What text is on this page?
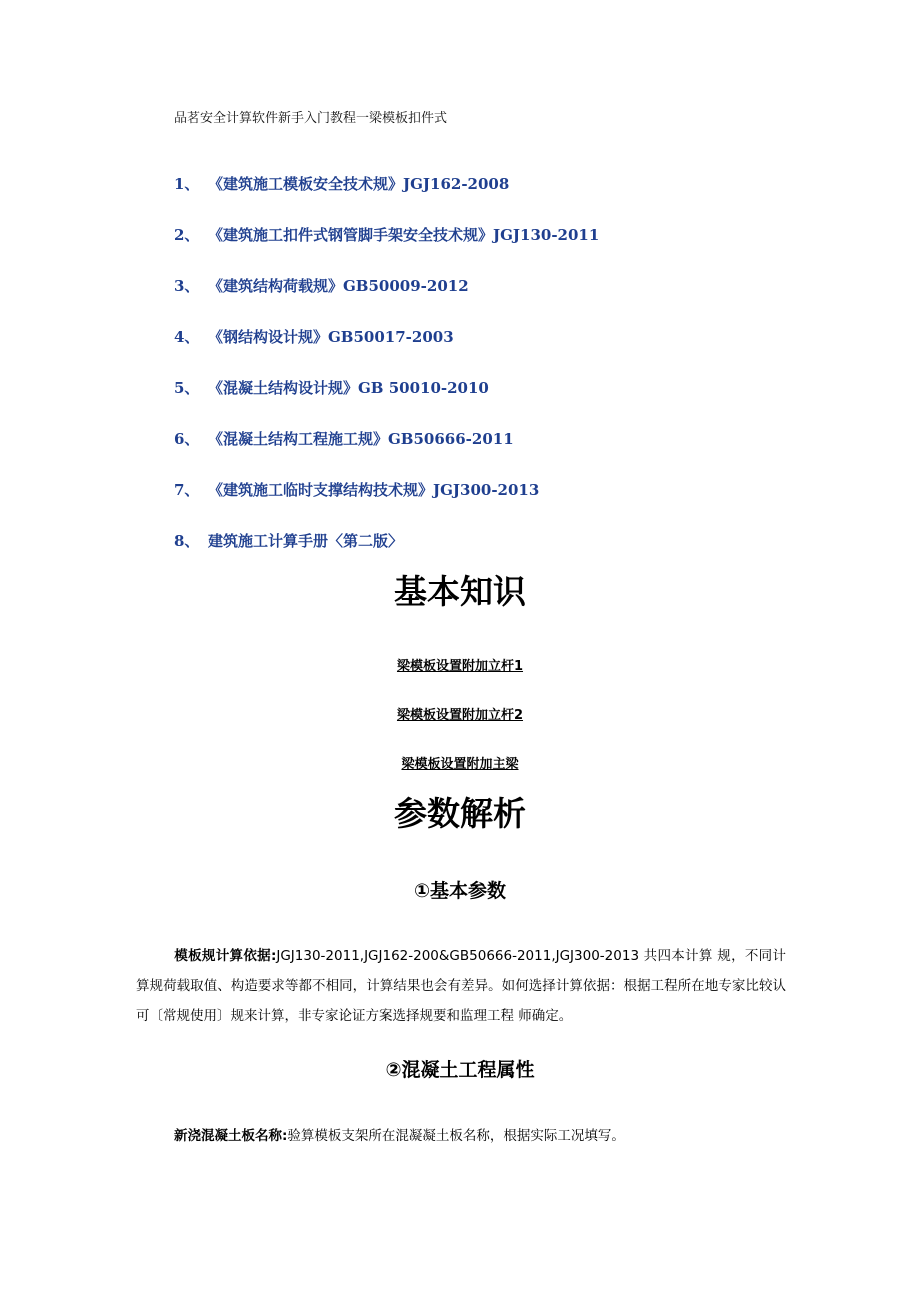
品茗安全计算软件新手入门教程一梁模板扣件式
1、 《建筑施工模板安全技术规》JGJ162-2008
2、 《建筑施工扣件式钢管脚手架安全技术规》JGJ130-2011
3、 《建筑结构荷载规》GB50009-2012
4、 《钢结构设计规》GB50017-2003
5、 《混凝土结构设计规》GB 50010-2010
6、 《混凝土结构工程施工规》GB50666-2011
7、 《建筑施工临时支撑结构技术规》JGJ300-2013
8、 建筑施工计算手册〈第二版〉
基本知识
梁模板设置附加立杆1
梁模板设置附加立杆2
梁模板设置附加主梁
参数解析
①基本参数

模板规计算依据:JGJ130-2011,JGJ162-200&GB50666-2011,JGJ300-2013 共四本计算 规，不同计算规荷载取值、构造要求等都不相同，计算结果也会有差异。如何选择计算依据：根据工程所在地专家比较认可〔常规使用〕规来计算，非专家论证方案选择规要和监理工程 师确定。

②混凝土工程属性

新浇混凝土板名称:验算模板支架所在混凝凝土板名称，根据实际工况填写。
